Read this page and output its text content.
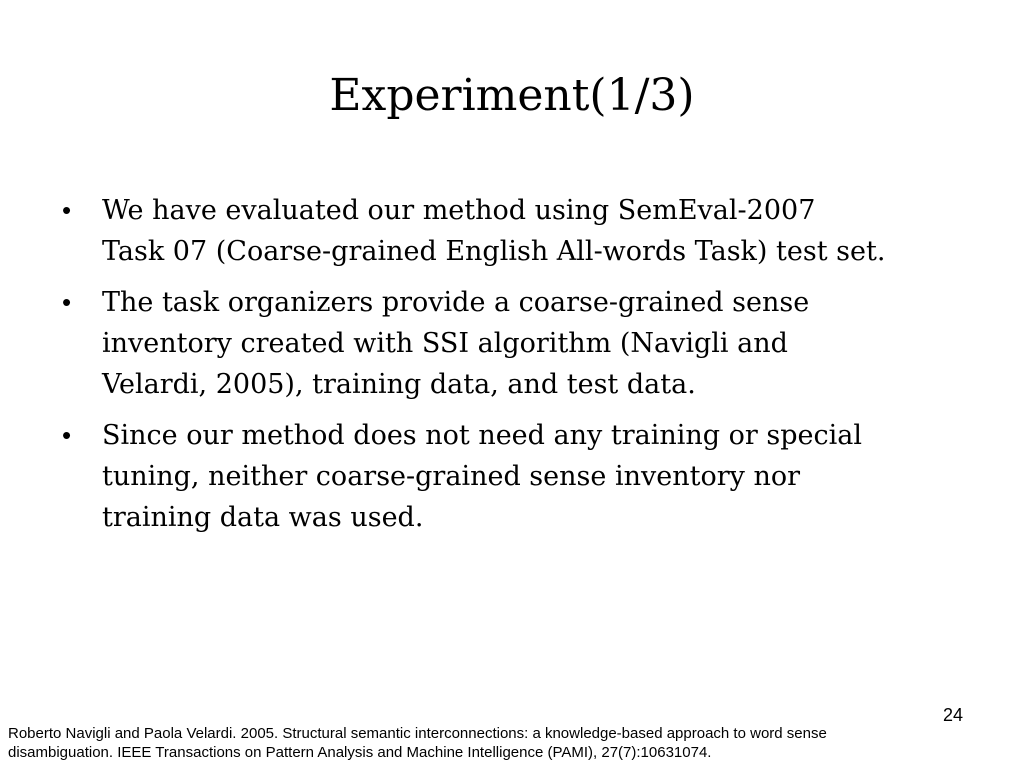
Experiment(1/3)
• We have evaluated our method using SemEval-2007
Task 07 (Coarse-grained English All-words Task) test set.
• The task organizers provide a coarse-grained sense
inventory created with SSI algorithm (Navigli and
Velardi, 2005), training data, and test data.
• Since our method does not need any training or special
tuning, neither coarse-grained sense inventory nor
training data was used.
24
Roberto Navigli and Paola Velardi. 2005. Structural semantic interconnections: a knowledge-based approach to word sense
disambiguation. IEEE Transactions on Pattern Analysis and Machine Intelligence (PAMI), 27(7):10631074.
